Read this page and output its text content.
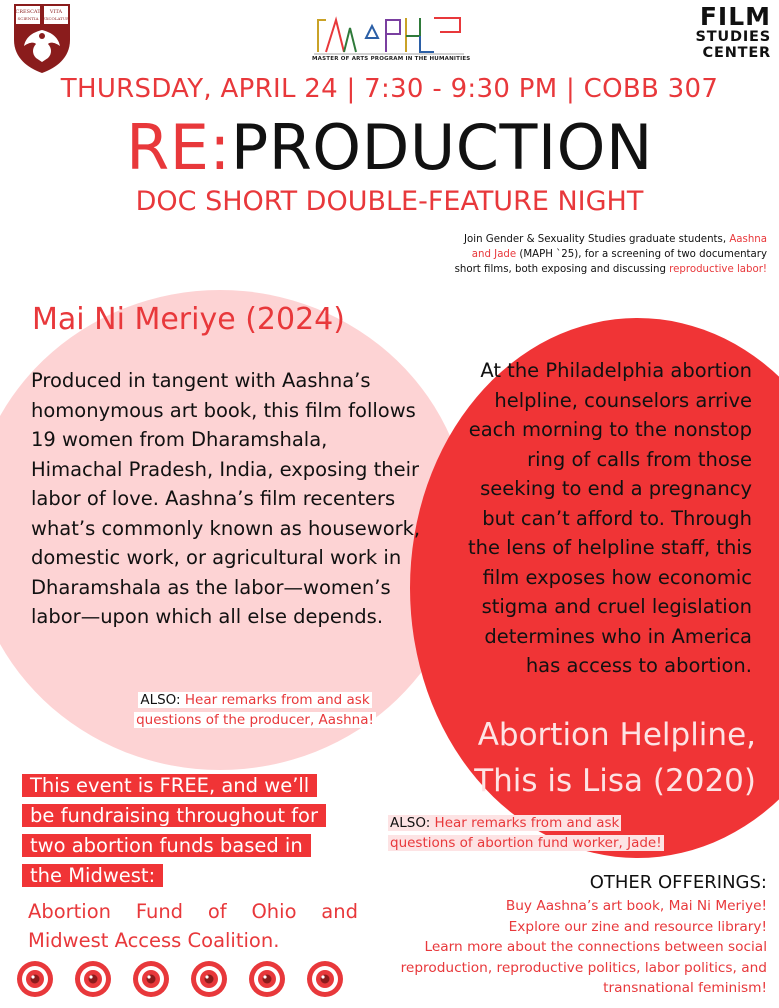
CRESCAT
SCIENTIA
VITA
EXCOLATUR
MASTER OF ARTS PROGRAM IN THE HUMANITIES
FILM
STUDIES
CENTER
THURSDAY, APRIL 24 | 7:30 - 9:30 PM | COBB 307
RE:PRODUCTION
DOC SHORT DOUBLE-FEATURE NIGHT
Join Gender & Sexuality Studies graduate students, Aashna and Jade (MAPH `25), for a screening of two documentary short films, both exposing and discussing reproductive labor!
Mai Ni Meriye (2024)
Produced in tangent with Aashna’s homonymous art book, this film follows 19 women from Dharamshala, Himachal Pradesh, India, exposing their labor of love. Aashna’s film recenters what’s commonly known as housework, domestic work, or agricultural work in Dharamshala as the labor—women’s labor—upon which all else depends.
ALSO: Hear remarks from and ask
questions of the producer, Aashna!
At the Philadelphia abortion helpline, counselors arrive each morning to the nonstop ring of calls from those seeking to end a pregnancy but can’t afford to. Through the lens of helpline staff, this film exposes how economic stigma and cruel legislation determines who in America has access to abortion.
Abortion Helpline,
This is Lisa (2020)
ALSO: Hear remarks from and ask
questions of abortion fund worker, Jade!
This event is FREE, and we’ll
be fundraising throughout for
two abortion funds based in
the Midwest:
Abortion Fund of Ohio and Midwest Access Coalition.
OTHER OFFERINGS:
Buy Aashna’s art book, Mai Ni Meriye!
Explore our zine and resource library!
Learn more about the connections between social reproduction, reproductive politics, labor politics, and transnational feminism!
